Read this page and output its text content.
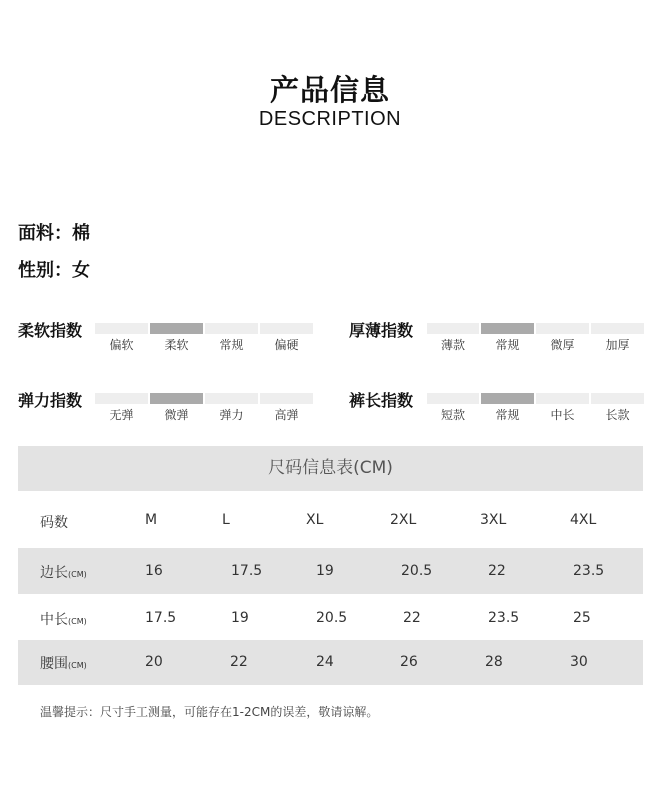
产品信息
DESCRIPTION
面料：棉
性别：女
柔软指数
偏软	柔软	常规	偏硬
厚薄指数
薄款	常规	微厚	加厚
弹力指数
无弹	微弹	弹力	高弹
裤长指数
短款	常规	中长	长款
尺码信息表(CM)
码数	M	L	XL	2XL	3XL	4XL
边长(CM)	16	17.5	19	20.5	22	23.5
中长(CM)	17.5	19	20.5	22	23.5	25
腰围(CM)	20	22	24	26	28	30
温馨提示：尺寸手工测量，可能存在1-2CM的误差，敬请谅解。
